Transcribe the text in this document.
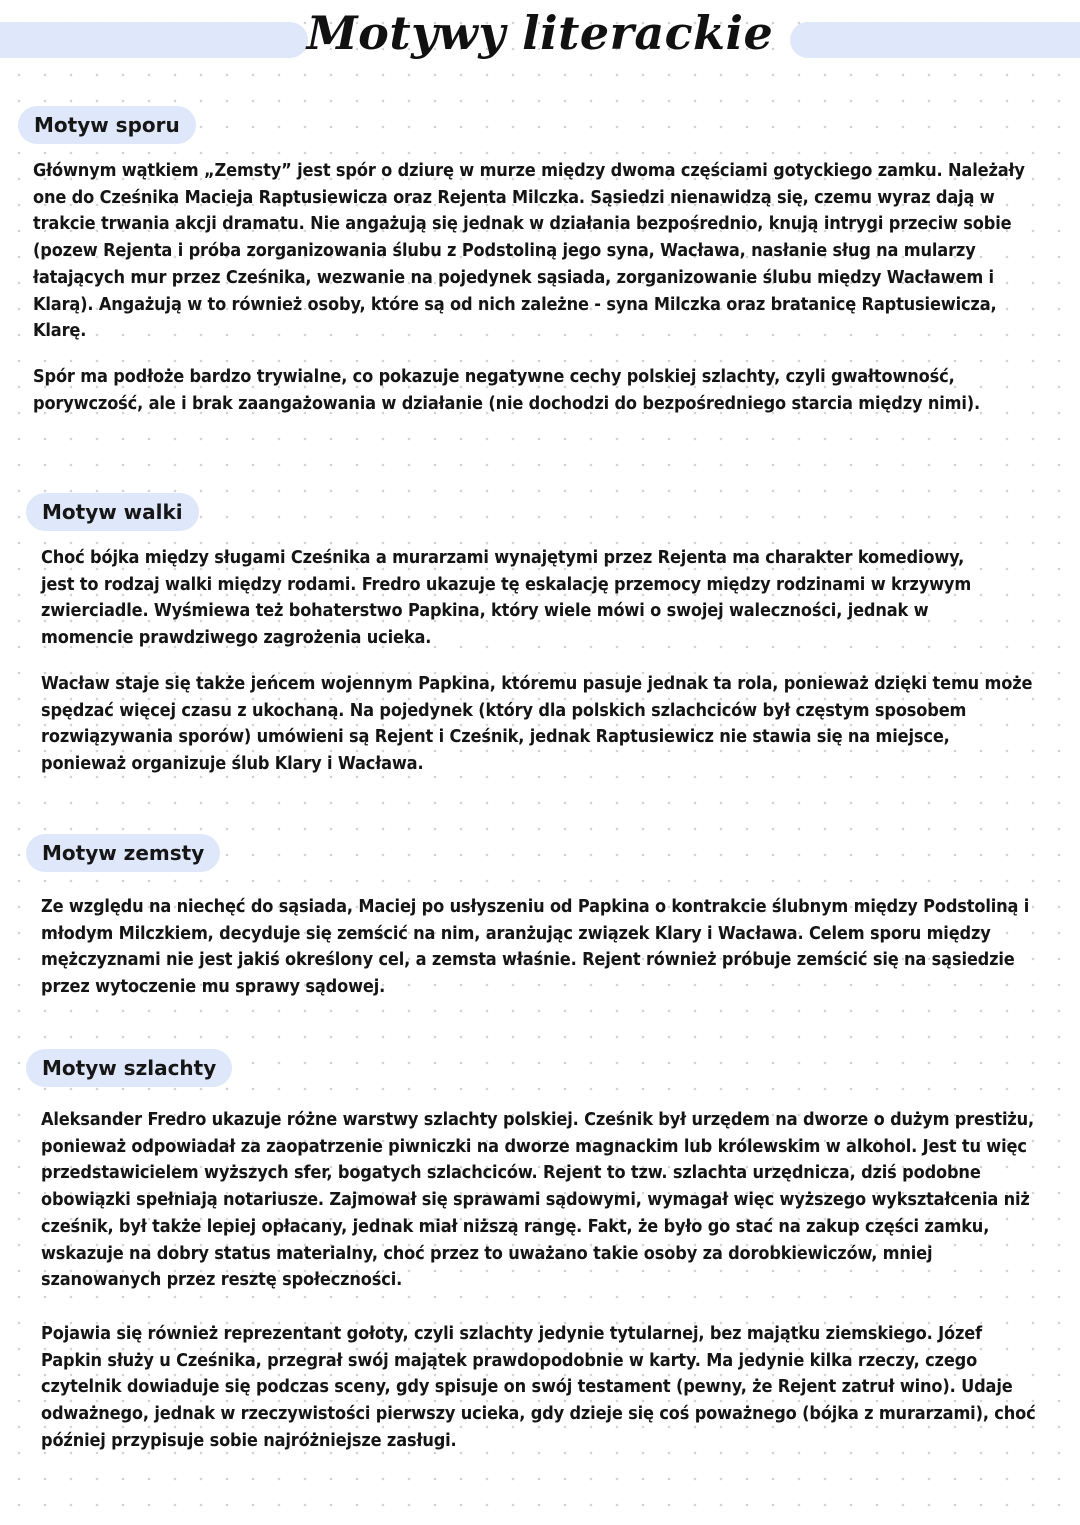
Motywy literackie
Motyw sporu

Głównym wątkiem „Zemsty” jest spór o dziurę w murze między dwoma częściami gotyckiego zamku. Należały one do Cześnika Macieja Raptusiewicza oraz Rejenta Milczka. Sąsiedzi nienawidzą się, czemu wyraz dają w trakcie trwania akcji dramatu. Nie angażują się jednak w działania bezpośrednio, knują intrygi przeciw sobie (pozew Rejenta i próba zorganizowania ślubu z Podstoliną jego syna, Wacława, nasłanie sług na mularzy łatających mur przez Cześnika, wezwanie na pojedynek sąsiada, zorganizowanie ślubu między Wacławem i Klarą). Angażują w to również osoby, które są od nich zależne - syna Milczka oraz bratanicę Raptusiewicza, Klarę.

Spór ma podłoże bardzo trywialne, co pokazuje negatywne cechy polskiej szlachty, czyli gwałtowność, porywczość, ale i brak zaangażowania w działanie (nie dochodzi do bezpośredniego starcia między nimi).

Motyw walki

Choć bójka między sługami Cześnika a murarzami wynajętymi przez Rejenta ma charakter komediowy, jest to rodzaj walki między rodami. Fredro ukazuje tę eskalację przemocy między rodzinami w krzywym zwierciadle. Wyśmiewa też bohaterstwo Papkina, który wiele mówi o swojej waleczności, jednak w momencie prawdziwego zagrożenia ucieka.

Wacław staje się także jeńcem wojennym Papkina, któremu pasuje jednak ta rola, ponieważ dzięki temu może spędzać więcej czasu z ukochaną. Na pojedynek (który dla polskich szlachciców był częstym sposobem rozwiązywania sporów) umówieni są Rejent i Cześnik, jednak Raptusiewicz nie stawia się na miejsce, ponieważ organizuje ślub Klary i Wacława.

Motyw zemsty

Ze względu na niechęć do sąsiada, Maciej po usłyszeniu od Papkina o kontrakcie ślubnym między Podstoliną i młodym Milczkiem, decyduje się zemścić na nim, aranżując związek Klary i Wacława. Celem sporu między mężczyznami nie jest jakiś określony cel, a zemsta właśnie. Rejent również próbuje zemścić się na sąsiedzie przez wytoczenie mu sprawy sądowej.

Motyw szlachty

Aleksander Fredro ukazuje różne warstwy szlachty polskiej. Cześnik był urzędem na dworze o dużym prestiżu, ponieważ odpowiadał za zaopatrzenie piwniczki na dworze magnackim lub królewskim w alkohol. Jest tu więc przedstawicielem wyższych sfer, bogatych szlachciców. Rejent to tzw. szlachta urzędnicza, dziś podobne obowiązki spełniają notariusze. Zajmował się sprawami sądowymi, wymagał więc wyższego wykształcenia niż cześnik, był także lepiej opłacany, jednak miał niższą rangę. Fakt, że było go stać na zakup części zamku, wskazuje na dobry status materialny, choć przez to uważano takie osoby za dorobkiewiczów, mniej szanowanych przez resztę społeczności.

Pojawia się również reprezentant gołoty, czyli szlachty jedynie tytularnej, bez majątku ziemskiego. Józef Papkin służy u Cześnika, przegrał swój majątek prawdopodobnie w karty. Ma jedynie kilka rzeczy, czego czytelnik dowiaduje się podczas sceny, gdy spisuje on swój testament (pewny, że Rejent zatruł wino). Udaje odważnego, jednak w rzeczywistości pierwszy ucieka, gdy dzieje się coś poważnego (bójka z murarzami), choć później przypisuje sobie najróżniejsze zasługi.
